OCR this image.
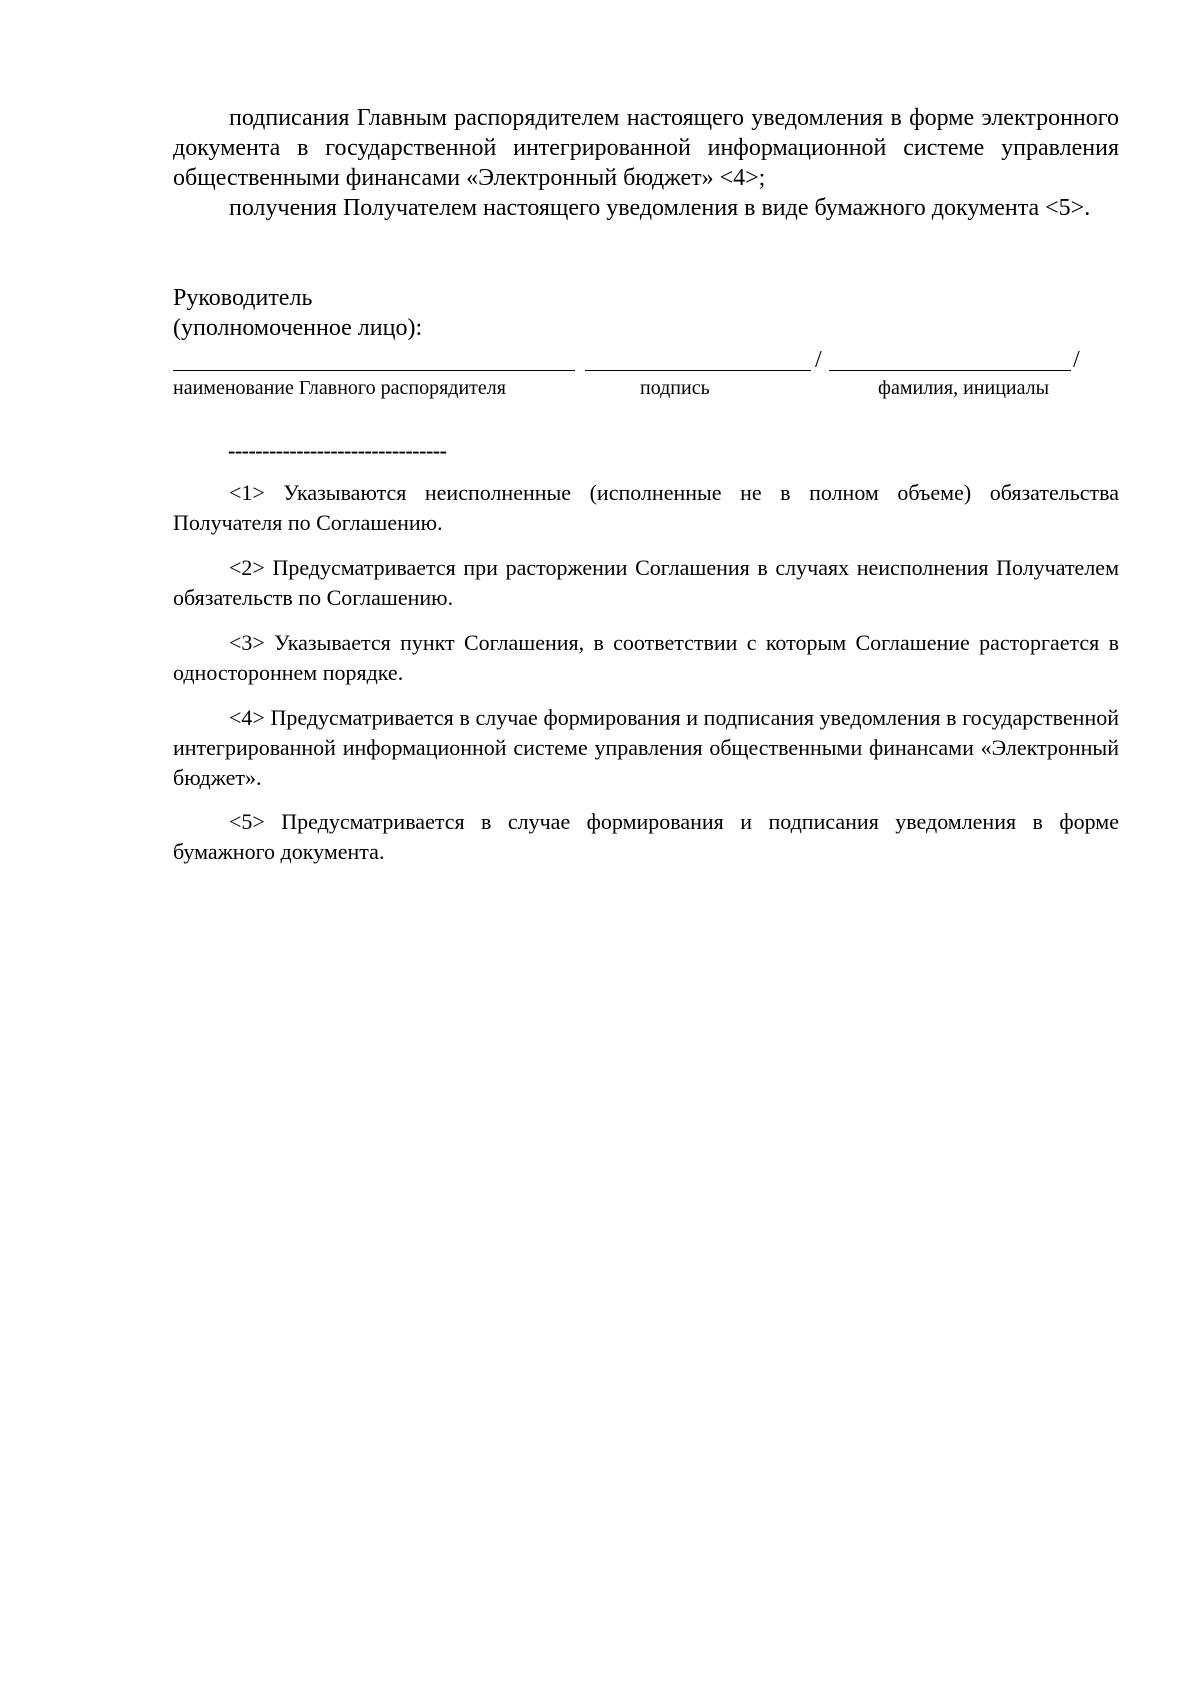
подписания Главным распорядителем настоящего уведомления в форме электронного документа в государственной интегрированной информационной системе управления общественными финансами «Электронный бюджет» <4>;

получения Получателем настоящего уведомления в виде бумажного документа <5>.

Руководитель

(уполномоченное лицо):

/	/
наименование Главного распорядителя	подпись	фамилия, инициалы
--------------------------------

<1> Указываются неисполненные (исполненные не в полном объеме) обязательства Получателя по Соглашению.

<2> Предусматривается при расторжении Соглашения в случаях неисполнения Получателем обязательств по Соглашению.

<3> Указывается пункт Соглашения, в соответствии с которым Соглашение расторгается в одностороннем порядке.

<4> Предусматривается в случае формирования и подписания уведомления в государственной интегрированной информационной системе управления общественными финансами «Электронный бюджет».

<5> Предусматривается в случае формирования и подписания уведомления в форме бумажного документа.
